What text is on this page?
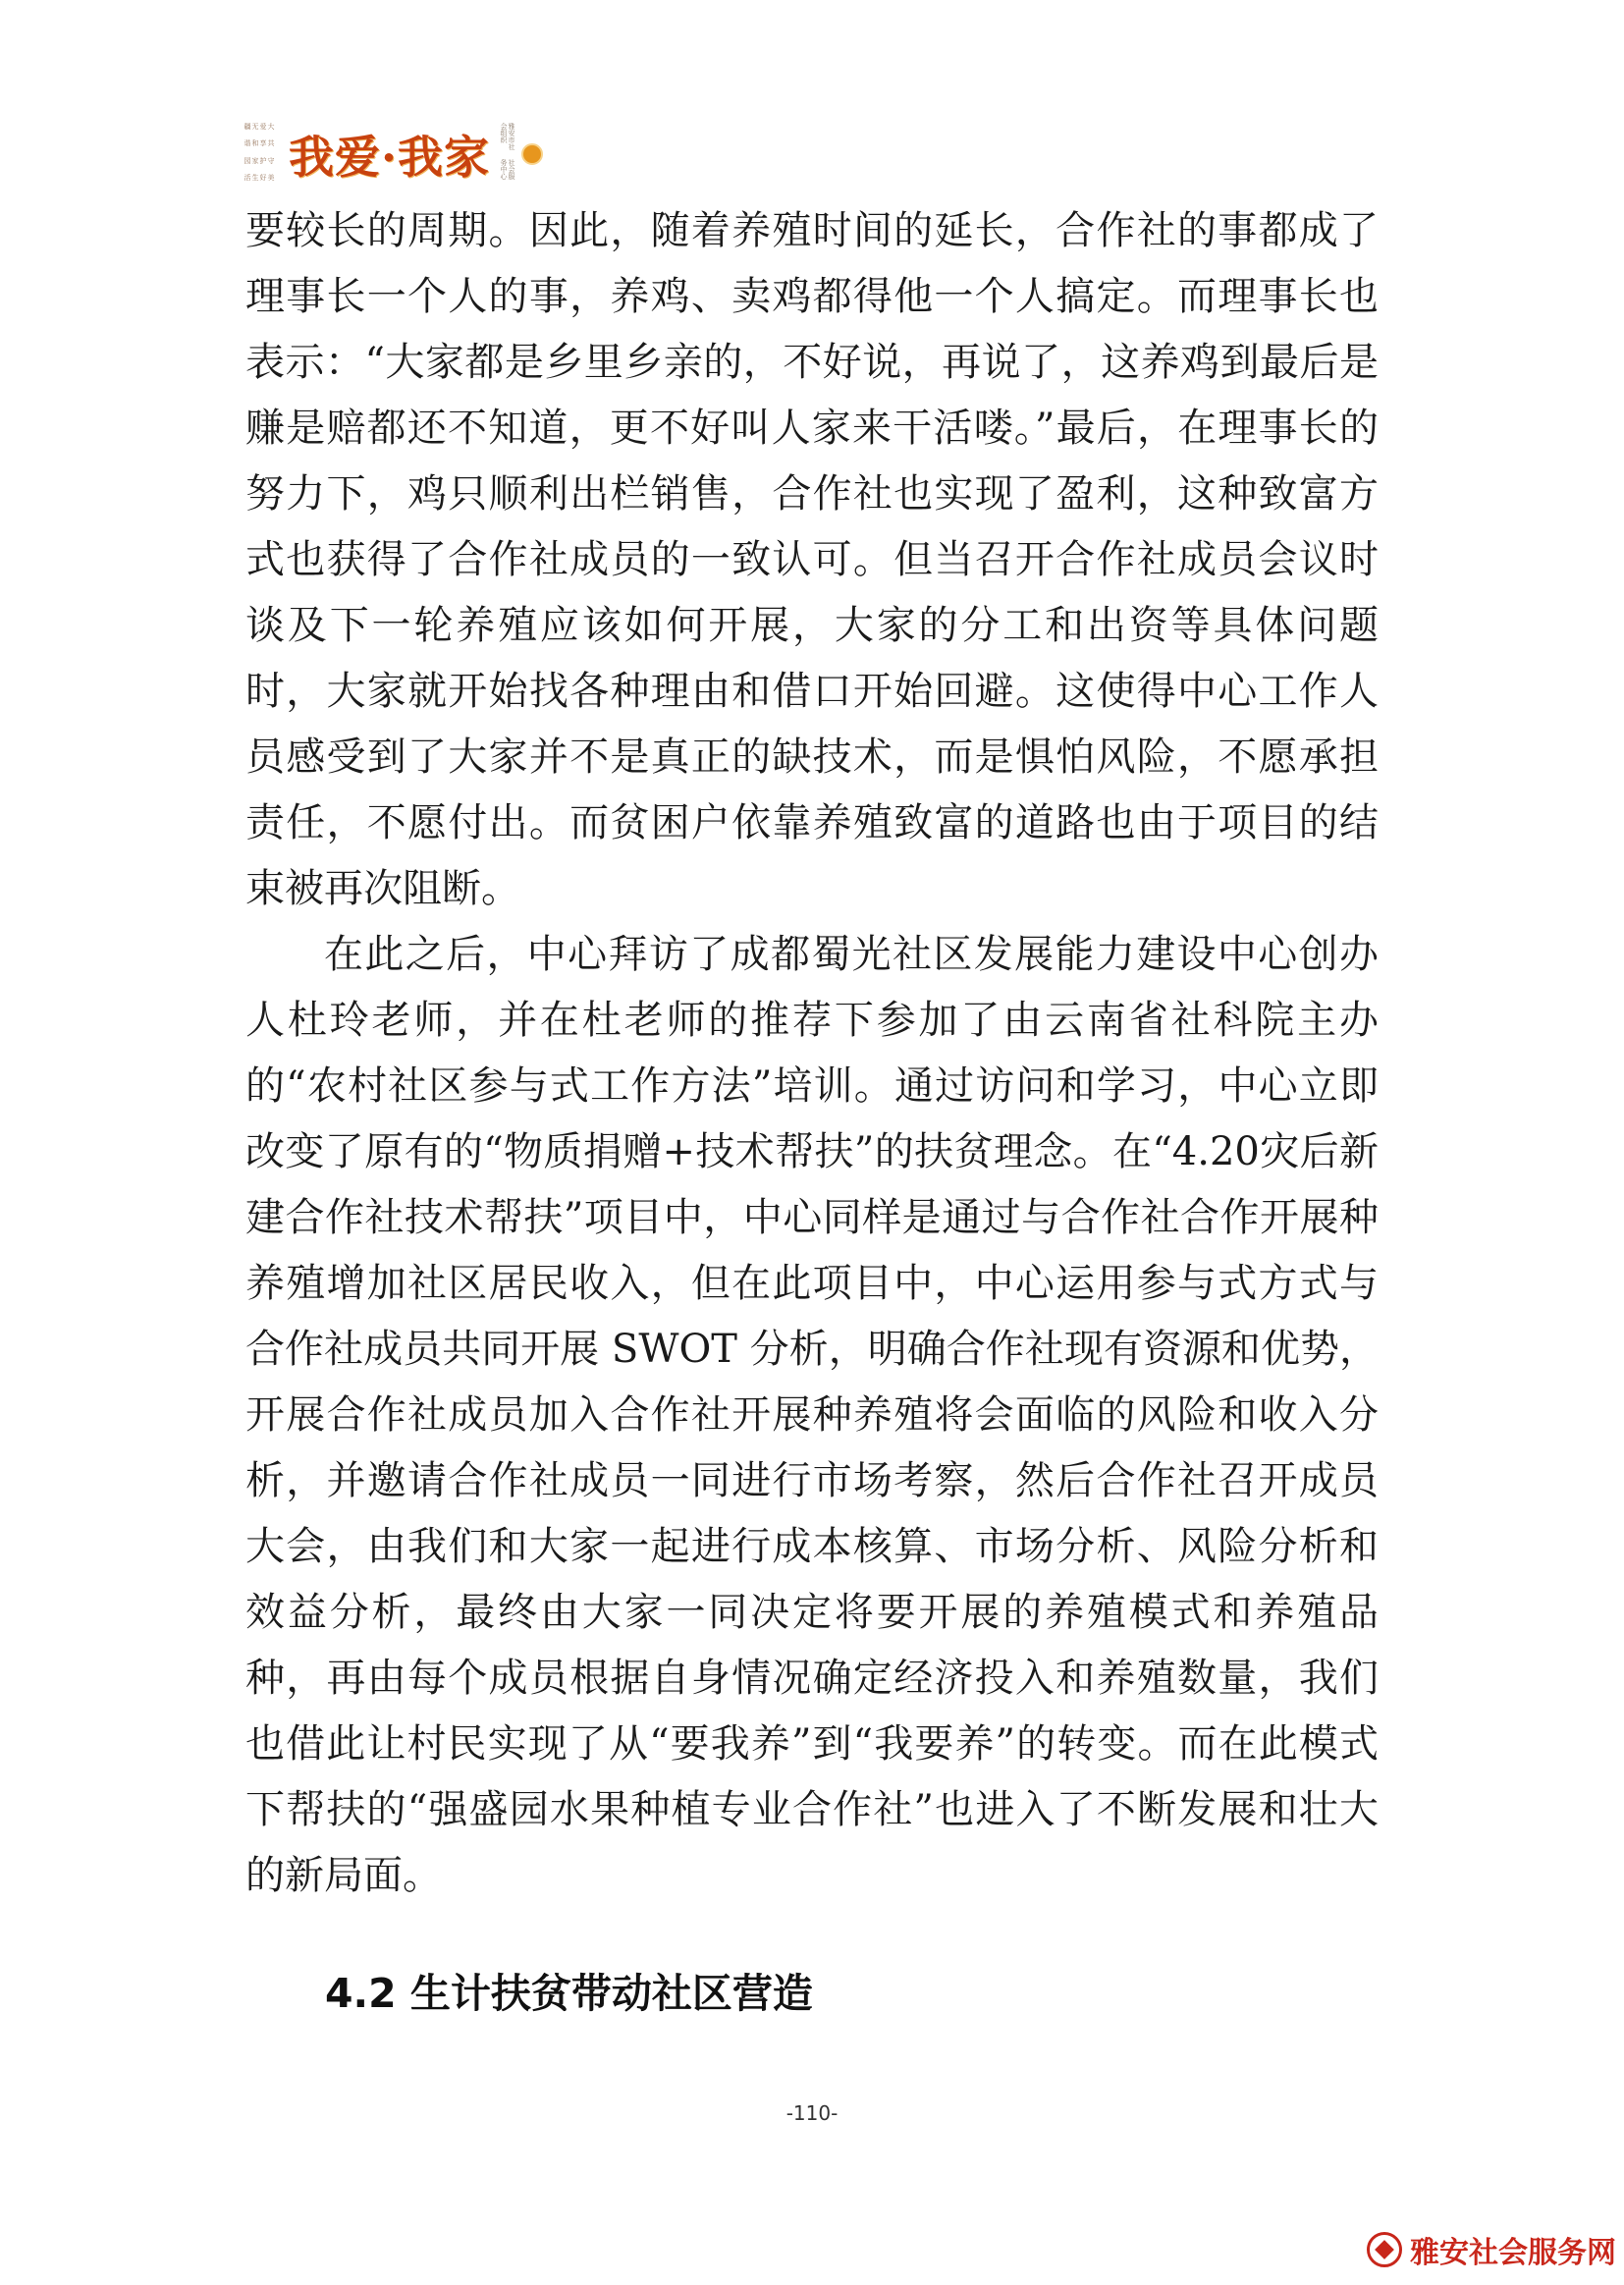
大爱无疆
共享和谐
守护家园
美好生活 我爱·我家	雅安市社会组织
社会服务中心

要较长的周期。因此，随着养殖时间的延长，合作社的事都成了理事长一个人的事，养鸡、卖鸡都得他一个人搞定。而理事长也表示：“大家都是乡里乡亲的，不好说，再说了，这养鸡到最后是赚是赔都还不知道，更不好叫人家来干活喽。”最后，在理事长的努力下，鸡只顺利出栏销售，合作社也实现了盈利，这种致富方式也获得了合作社成员的一致认可。但当召开合作社成员会议时谈及下一轮养殖应该如何开展，大家的分工和出资等具体问题时，大家就开始找各种理由和借口开始回避。这使得中心工作人员感受到了大家并不是真正的缺技术，而是惧怕风险，不愿承担责任，不愿付出。而贫困户依靠养殖致富的道路也由于项目的结束被再次阻断。

在此之后，中心拜访了成都蜀光社区发展能力建设中心创办人杜玲老师，并在杜老师的推荐下参加了由云南省社科院主办的“农村社区参与式工作方法”培训。通过访问和学习，中心立即改变了原有的“物质捐赠+技术帮扶”的扶贫理念。在“4.20灾后新建合作社技术帮扶”项目中，中心同样是通过与合作社合作开展种养殖增加社区居民收入，但在此项目中，中心运用参与式方式与合作社成员共同开展 SWOT 分析，明确合作社现有资源和优势，开展合作社成员加入合作社开展种养殖将会面临的风险和收入分析，并邀请合作社成员一同进行市场考察，然后合作社召开成员大会，由我们和大家一起进行成本核算、市场分析、风险分析和效益分析，最终由大家一同决定将要开展的养殖模式和养殖品种，再由每个成员根据自身情况确定经济投入和养殖数量，我们也借此让村民实现了从“要我养”到“我要养”的转变。而在此模式下帮扶的“强盛园水果种植专业合作社”也进入了不断发展和壮大的新局面。

4.2 生计扶贫带动社区营造
-110-
雅安社会服务网
